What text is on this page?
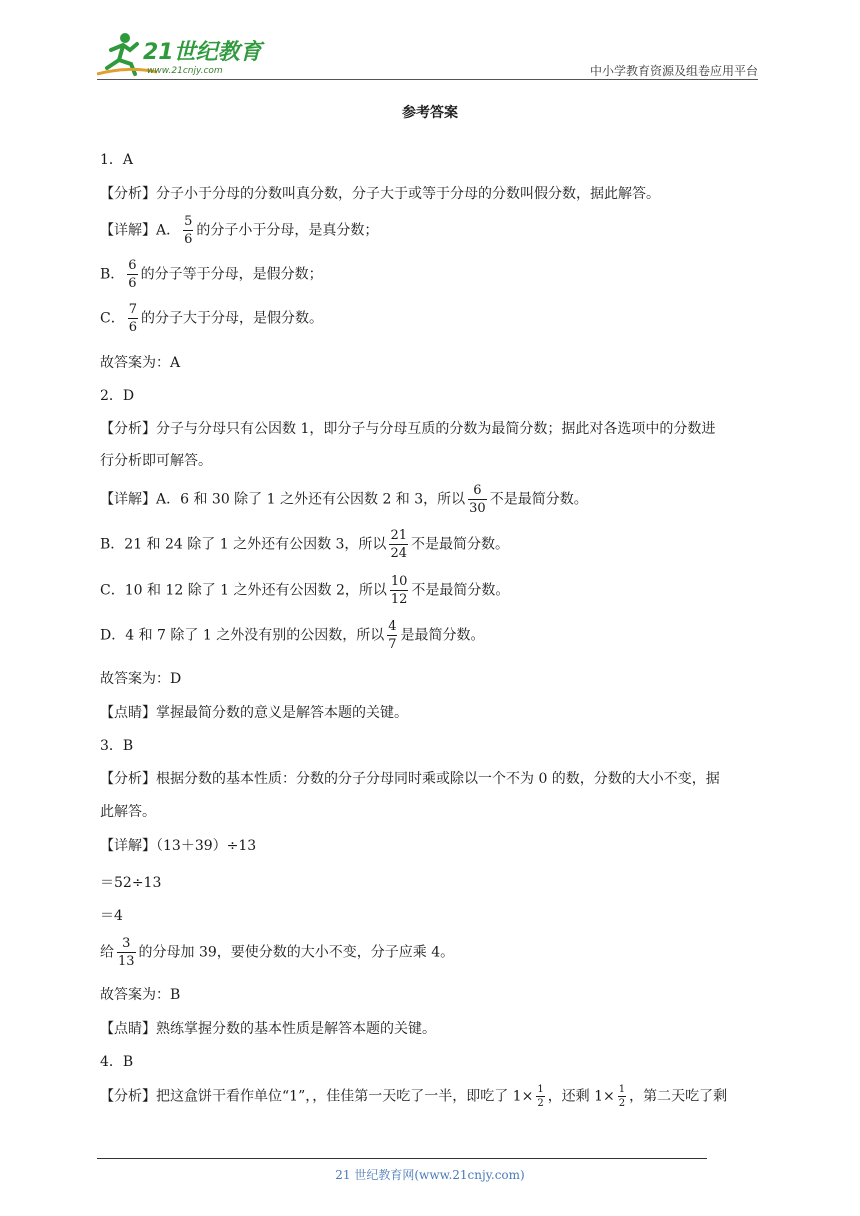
21世纪教育
www.21cnjy.com	中小学教育资源及组卷应用平台
参考答案
1．A
【分析】分子小于分母的分数叫真分数，分子大于或等于分母的分数叫假分数，据此解答。
【详解】A． $\frac{5}{6}$ 的分子小于分母，是真分数；
B． $\frac{6}{6}$ 的分子等于分母，是假分数；
C． $\frac{7}{6}$ 的分子大于分母，是假分数。
故答案为：A
2．D
【分析】分子与分母只有公因数 1，即分子与分母互质的分数为最简分数；据此对各选项中的分数进
行分析即可解答。
【详解】A．6 和 30 除了 1 之外还有公因数 2 和 3，所以 $\frac{6}{30}$ 不是最简分数。
B．21 和 24 除了 1 之外还有公因数 3，所以 $\frac{21}{24}$ 不是最简分数。
C．10 和 12 除了 1 之外还有公因数 2，所以 $\frac{10}{12}$ 不是最简分数。
D．4 和 7 除了 1 之外没有别的公因数，所以 $\frac{4}{7}$ 是最简分数。
故答案为：D
【点睛】掌握最简分数的意义是解答本题的关键。
3．B
【分析】根据分数的基本性质：分数的分子分母同时乘或除以一个不为 0 的数，分数的大小不变，据
此解答。
【详解】（13＋39）÷13
＝52÷13
＝4
给 $\frac{3}{13}$ 的分母加 39，要使分数的大小不变，分子应乘 4。
故答案为：B
【点睛】熟练掌握分数的基本性质是解答本题的关键。
4．B
【分析】把这盒饼干看作单位“1”，，佳佳第一天吃了一半，即吃了 $1\times \frac{1}{2}$ ，还剩 $1\times \frac{1}{2}$ ，第二天吃了剩
21 世纪教育网(www.21cnjy.com)
